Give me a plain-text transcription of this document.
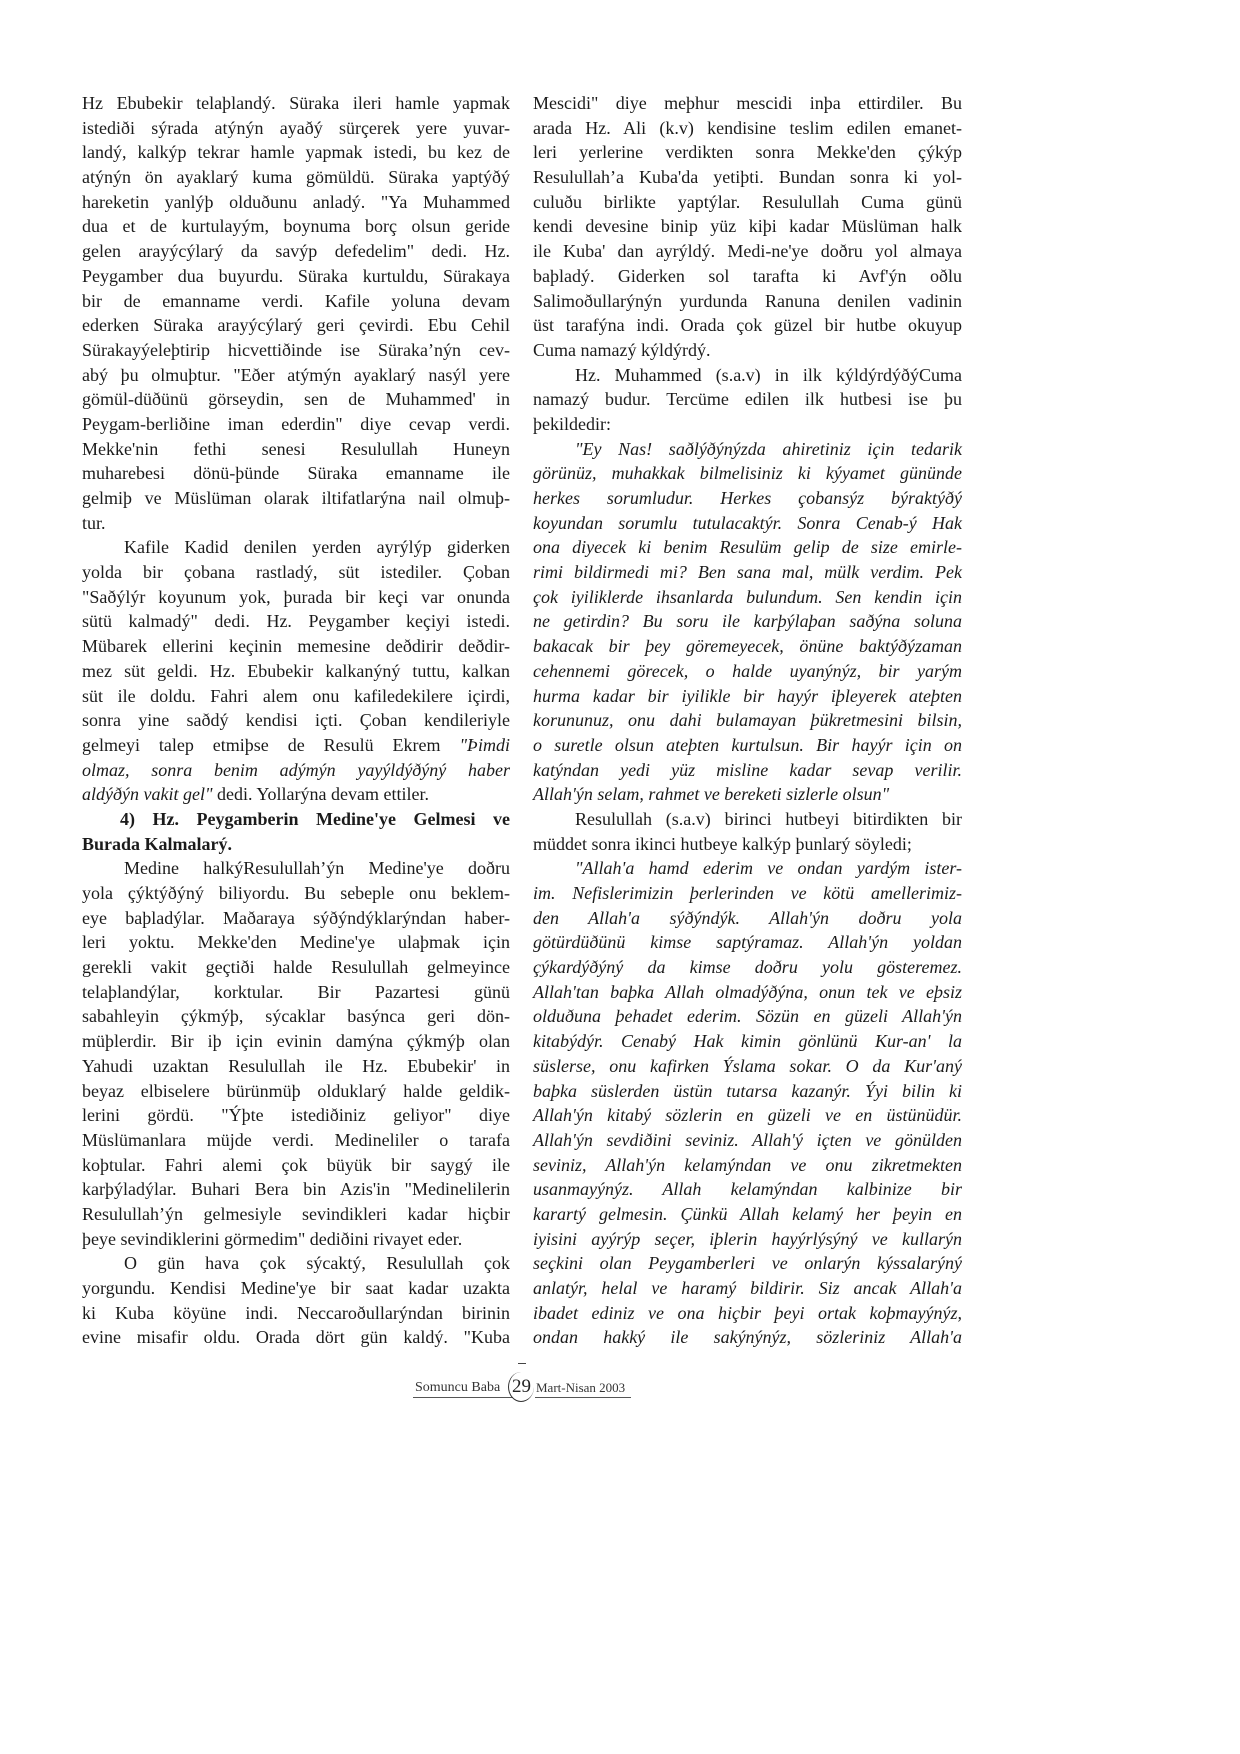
Hz Ebubekir telaþlandý. Süraka ileri hamle yapmak
istediði sýrada atýnýn ayaðý sürçerek yere yuvar-
landý, kalkýp tekrar hamle yapmak istedi, bu kez de
atýnýn ön ayaklarý kuma gömüldü. Süraka yaptýðý
hareketin yanlýþ olduðunu anladý. "Ya Muhammed
dua et de kurtulayým, boynuma borç olsun geride
gelen arayýcýlarý da savýp defedelim" dedi. Hz.
Peygamber dua buyurdu. Süraka kurtuldu, Sürakaya
bir de emanname verdi. Kafile yoluna devam
ederken Süraka arayýcýlarý geri çevirdi. Ebu Cehil
Sürakayýeleþtirip hicvettiðinde ise Süraka’nýn cev-
abý þu olmuþtur. "Eðer atýmýn ayaklarý nasýl yere
gömül-düðünü görseydin, sen de Muhammed' in
Peygam-berliðine iman ederdin" diye cevap verdi.
Mekke'nin fethi senesi Resulullah Huneyn
muharebesi dönü-þünde Süraka emanname ile
gelmiþ ve Müslüman olarak iltifatlarýna nail olmuþ-
tur.
Kafile Kadid denilen yerden ayrýlýp giderken
yolda bir çobana rastladý, süt istediler. Çoban
"Saðýlýr koyunum yok, þurada bir keçi var onunda
sütü kalmadý" dedi. Hz. Peygamber keçiyi istedi.
Mübarek ellerini keçinin memesine deðdirir deðdir-
mez süt geldi. Hz. Ebubekir kalkanýný tuttu, kalkan
süt ile doldu. Fahri alem onu kafiledekilere içirdi,
sonra yine saðdý kendisi içti. Çoban kendileriyle
gelmeyi talep etmiþse de Resulü Ekrem "Þimdi
olmaz, sonra benim adýmýn yayýldýðýný haber
aldýðýn vakit gel" dedi. Yollarýna devam ettiler.
4) Hz. Peygamberin Medine'ye Gelmesi ve
Burada Kalmalarý.
Medine halkýResulullah’ýn Medine'ye doðru
yola çýktýðýný biliyordu. Bu sebeple onu beklem-
eye baþladýlar. Maðaraya sýðýndýklarýndan haber-
leri yoktu. Mekke'den Medine'ye ulaþmak için
gerekli vakit geçtiði halde Resulullah gelmeyince
telaþlandýlar, korktular. Bir Pazartesi günü
sabahleyin çýkmýþ, sýcaklar basýnca geri dön-
müþlerdir. Bir iþ için evinin damýna çýkmýþ olan
Yahudi uzaktan Resulullah ile Hz. Ebubekir' in
beyaz elbiselere bürünmüþ olduklarý halde geldik-
lerini gördü. "Ýþte istediðiniz geliyor" diye
Müslümanlara müjde verdi. Medineliler o tarafa
koþtular. Fahri alemi çok büyük bir saygý ile
karþýladýlar. Buhari Bera bin Azis'in "Medinelilerin
Resulullah’ýn gelmesiyle sevindikleri kadar hiçbir
þeye sevindiklerini görmedim" dediðini rivayet eder.
O gün hava çok sýcaktý, Resulullah çok
yorgundu. Kendisi Medine'ye bir saat kadar uzakta
ki Kuba köyüne indi. Neccaroðullarýndan birinin
evine misafir oldu. Orada dört gün kaldý. "Kuba
Mescidi" diye meþhur mescidi inþa ettirdiler. Bu
arada Hz. Ali (k.v) kendisine teslim edilen emanet-
leri yerlerine verdikten sonra Mekke'den çýkýp
Resulullah’a Kuba'da yetiþti. Bundan sonra ki yol-
culuðu birlikte yaptýlar. Resulullah Cuma günü
kendi devesine binip yüz kiþi kadar Müslüman halk
ile Kuba' dan ayrýldý. Medi-ne'ye doðru yol almaya
baþladý. Giderken sol tarafta ki Avf'ýn oðlu
Salimoðullarýnýn yurdunda Ranuna denilen vadinin
üst tarafýna indi. Orada çok güzel bir hutbe okuyup
Cuma namazý kýldýrdý.
Hz. Muhammed (s.a.v) in ilk kýldýrdýðýCuma
namazý budur. Tercüme edilen ilk hutbesi ise þu
þekildedir:
"Ey Nas! saðlýðýnýzda ahiretiniz için tedarik
görünüz, muhakkak bilmelisiniz ki kýyamet gününde
herkes sorumludur. Herkes çobansýz býraktýðý
koyundan sorumlu tutulacaktýr. Sonra Cenab-ý Hak
ona diyecek ki benim Resulüm gelip de size emirle-
rimi bildirmedi mi? Ben sana mal, mülk verdim. Pek
çok iyiliklerde ihsanlarda bulundum. Sen kendin için
ne getirdin? Bu soru ile karþýlaþan saðýna soluna
bakacak bir þey göremeyecek, önüne baktýðýzaman
cehennemi görecek, o halde uyanýnýz, bir yarým
hurma kadar bir iyilikle bir hayýr iþleyerek ateþten
korununuz, onu dahi bulamayan þükretmesini bilsin,
o suretle olsun ateþten kurtulsun. Bir hayýr için on
katýndan yedi yüz misline kadar sevap verilir.
Allah'ýn selam, rahmet ve bereketi sizlerle olsun"
Resulullah (s.a.v) birinci hutbeyi bitirdikten bir
müddet sonra ikinci hutbeye kalkýp þunlarý söyledi;
"Allah'a hamd ederim ve ondan yardým ister-
im. Nefislerimizin þerlerinden ve kötü amellerimiz-
den Allah'a sýðýndýk. Allah'ýn doðru yola
götürdüðünü kimse saptýramaz. Allah'ýn yoldan
çýkardýðýný da kimse doðru yolu gösteremez.
Allah'tan baþka Allah olmadýðýna, onun tek ve eþsiz
olduðuna þehadet ederim. Sözün en güzeli Allah'ýn
kitabýdýr. Cenabý Hak kimin gönlünü Kur-an' la
süslerse, onu kafirken Ýslama sokar. O da Kur'aný
baþka süslerden üstün tutarsa kazanýr. Ýyi bilin ki
Allah'ýn kitabý sözlerin en güzeli ve en üstünüdür.
Allah'ýn sevdiðini seviniz. Allah'ý içten ve gönülden
seviniz, Allah'ýn kelamýndan ve onu zikretmekten
usanmayýnýz. Allah kelamýndan kalbinize bir
karartý gelmesin. Çünkü Allah kelamý her þeyin en
iyisini ayýrýp seçer, iþlerin hayýrlýsýný ve kullarýn
seçkini olan Peygamberleri ve onlarýn kýssalarýný
anlatýr, helal ve haramý bildirir. Siz ancak Allah'a
ibadet ediniz ve ona hiçbir þeyi ortak koþmayýnýz,
ondan hakký ile sakýnýnýz, sözleriniz Allah'a
Somuncu Baba 29 Mart-Nisan 2003
